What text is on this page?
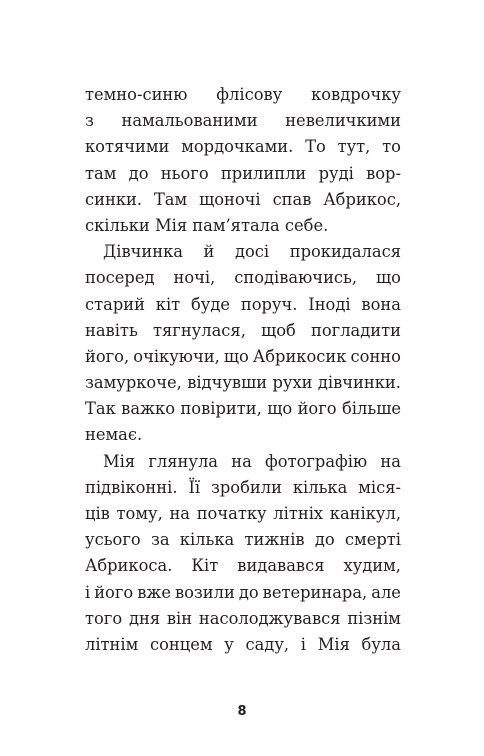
темно-синю флісову ковдрочку
з намальованими невеличкими
котячими мордочками. То тут, то
там до нього прилипли руді вор-
синки. Там щоночі спав Абрикос,
скільки Мія пам’ятала себе.
Дівчинка й досі прокидалася
посеред ночі, сподіваючись, що
старий кіт буде поруч. Іноді вона
навіть тягнулася, щоб погладити
його, очікуючи, що Абрикосик сонно
замуркоче, відчувши рухи дівчинки.
Так важко повірити, що його більше
немає.
Мія глянула на фотографію на
підвіконні. Її зробили кілька міся-
ців тому, на початку літніх канікул,
усього за кілька тижнів до смерті
Абрикоса. Кіт видавався худим,
і його вже возили до ветеринара, але
того дня він насолоджувався пізнім
літнім сонцем у саду, і Мія була
8
